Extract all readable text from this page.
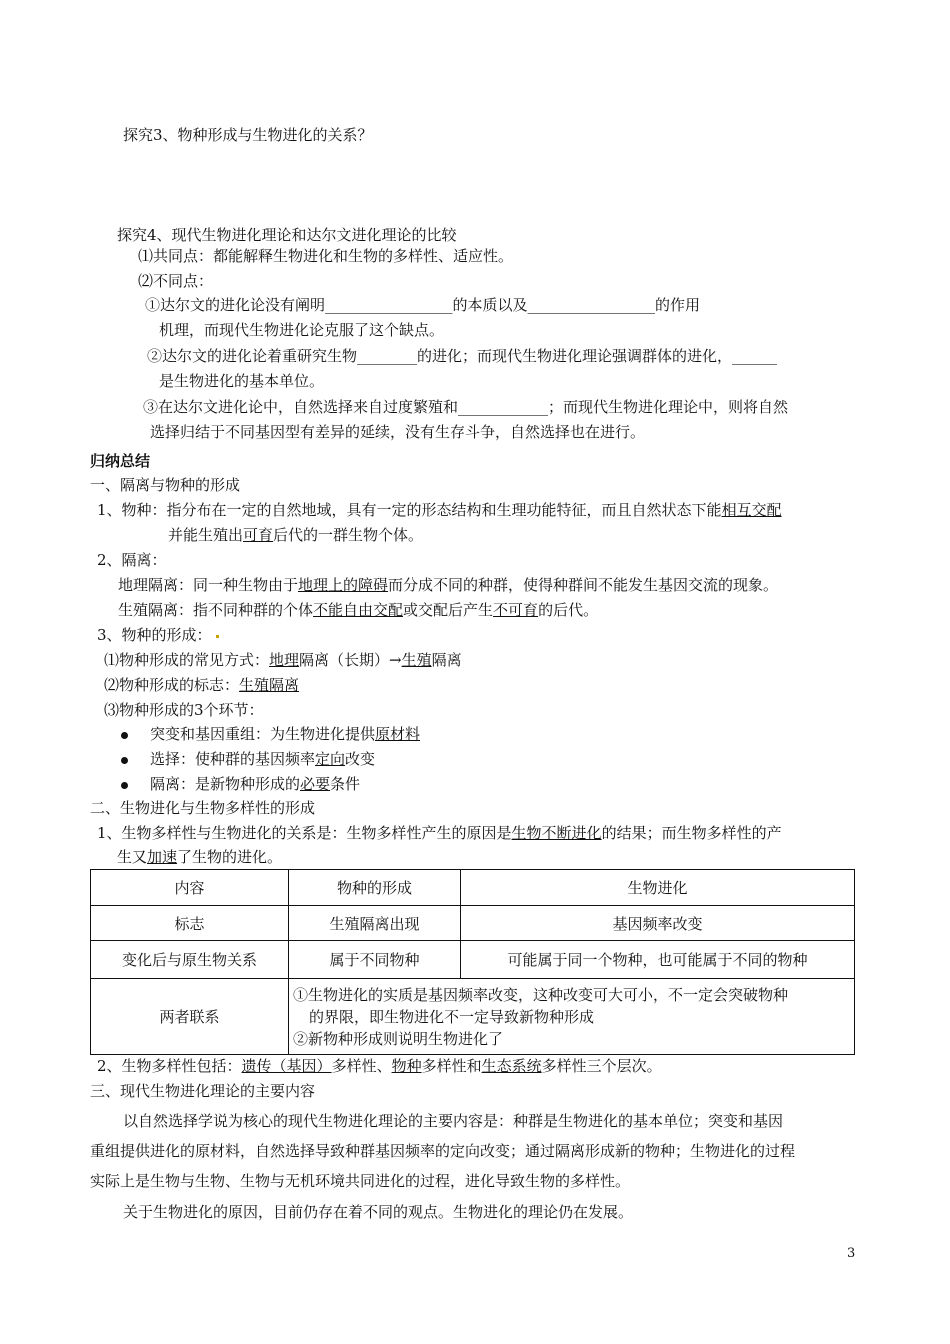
探究3、物种形成与生物进化的关系？
探究4、现代生物进化理论和达尔文进化理论的比较
⑴共同点：都能解释生物进化和生物的多样性、适应性。
⑵不同点：
①达尔文的进化论没有阐明_________________的本质以及_________________的作用
机理，而现代生物进化论克服了这个缺点。
②达尔文的进化论着重研究生物________的进化；而现代生物进化理论强调群体的进化，______
是生物进化的基本单位。
③在达尔文进化论中，自然选择来自过度繁殖和____________；而现代生物进化理论中，则将自然
选择归结于不同基因型有差异的延续，没有生存斗争，自然选择也在进行。
归纳总结
一、隔离与物种的形成
1、物种：指分布在一定的自然地域，具有一定的形态结构和生理功能特征，而且自然状态下能相互交配
并能生殖出可育后代的一群生物个体。
2、隔离：
地理隔离：同一种生物由于地理上的障碍而分成不同的种群，使得种群间不能发生基因交流的现象。
生殖隔离：指不同种群的个体不能自由交配或交配后产生不可育的后代。
3、物种的形成：
⑴物种形成的常见方式：地理隔离（长期）→生殖隔离
⑵物种形成的标志：生殖隔离
⑶物种形成的3个环节：
突变和基因重组：为生物进化提供原材料
选择：使种群的基因频率定向改变
隔离：是新物种形成的必要条件
二、生物进化与生物多样性的形成
1、生物多样性与生物进化的关系是：生物多样性产生的原因是生物不断进化的结果；而生物多样性的产
生又加速了生物的进化。
内容	物种的形成	生物进化
标志	生殖隔离出现	基因频率改变
变化后与原生物关系	属于不同物种	可能属于同一个物种，也可能属于不同的物种
两者联系	①生物进化的实质是基因频率改变，这种改变可大可小，不一定会突破物种
的界限，即生物进化不一定导致新物种形成
②新物种形成则说明生物进化了	
2、生物多样性包括：遗传（基因）多样性、物种多样性和生态系统多样性三个层次。
三、现代生物进化理论的主要内容
以自然选择学说为核心的现代生物进化理论的主要内容是：种群是生物进化的基本单位；突变和基因
重组提供进化的原材料，自然选择导致种群基因频率的定向改变；通过隔离形成新的物种；生物进化的过程
实际上是生物与生物、生物与无机环境共同进化的过程，进化导致生物的多样性。
关于生物进化的原因，目前仍存在着不同的观点。生物进化的理论仍在发展。
3
